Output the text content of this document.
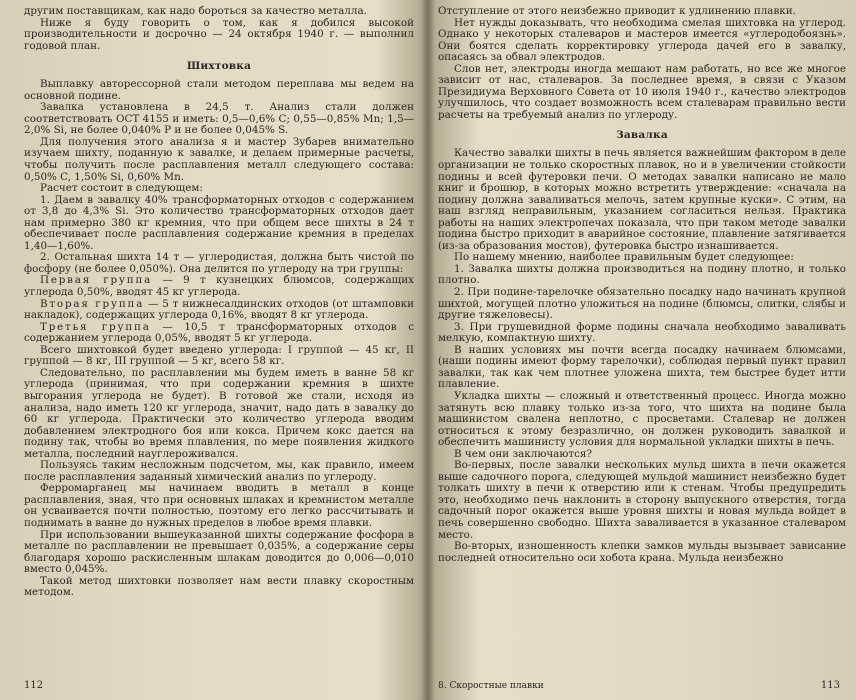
другим поставщикам, как надо бороться за качество металла.

Ниже я буду говорить о том, как я добился высокой производительности и досрочно — 24 октября 1940 г. — выполнил годовой план.

Шихтовка

Выплавку авторессорной стали методом переплава мы ведем на основной подине.

Завалка установлена в 24,5 т. Анализ стали должен соответствовать ОСТ 4155 и иметь: 0,5—0,6% C; 0,55—0,85% Mn; 1,5—2,0% Si, не более 0,040% P и не более 0,045% S.

Для получения этого анализа я и мастер Зубарев внимательно изучаем шихту, поданную к завалке, и делаем примерные расчеты, чтобы получить после расплавления металл следующего состава: 0,50% C, 1,50% Si, 0,60% Mn.

Расчет состоит в следующем:

1. Даем в завалку 40% трансформаторных отходов с содержанием от 3,8 до 4,3% Si. Это количество трансформаторных отходов дает нам примерно 380 кг кремния, что при общем весе шихты в 24 т обеспечивает после расплавления содержание кремния в пределах 1,40—1,60%.

2. Остальная шихта 14 т — углеродистая, должна быть чистой по фосфору (не более 0,050%). Она делится по углероду на три группы:

Первая группа — 9 т кузнецких блюмсов, содержащих углерода 0,50%, вводят 45 кг углерода.

Вторая группа — 5 т нижнесалдинских отходов (от штамповки накладок), содержащих углерода 0,16%, вводят 8 кг углерода.

Третья группа — 10,5 т трансформаторных отходов с содержанием углерода 0,05%, вводят 5 кг углерода.

Всего шихтовкой будет введено углерода: I группой — 45 кг, II группой — 8 кг, III группой — 5 кг, всего 58 кг.

Следовательно, по расплавлении мы будем иметь в ванне 58 кг углерода (принимая, что при содержании кремния в шихте выгорания углерода не будет). В готовой же стали, исходя из анализа, надо иметь 120 кг углерода, значит, надо дать в завалку до 60 кг углерода. Практически это количество углерода вводим добавлением электродного боя или кокса. Причем кокс дается на подину так, чтобы во время плавления, по мере появления жидкого металла, последний науглероживался.

Пользуясь таким несложным подсчетом, мы, как правило, имеем после расплавления заданный химический анализ по углероду.

Ферромарганец мы начинаем вводить в металл в конце расплавления, зная, что при основных шлаках и кремнистом металле он усваивается почти полностью, поэтому его легко рассчитывать и поднимать в ванне до нужных пределов в любое время плавки.

При использовании вышеуказанной шихты содержание фосфора в металле по расплавлении не превышает 0,035%, а содержание серы благодаря хорошо раскисленным шлакам доводится до 0,006—0,010 вместо 0,045%.

Такой метод шихтовки позволяет нам вести плавку скоростным методом.

112

Отступление от этого неизбежно приводит к удлинению плавки.

Нет нужды доказывать, что необходима смелая шихтовка на углерод. Однако у некоторых сталеваров и мастеров имеется «углеродобоязнь». Они боятся сделать корректировку углерода дачей его в завалку, опасаясь за обвал электродов.

Слов нет, электроды иногда мешают нам работать, но все же многое зависит от нас, сталеваров. За последнее время, в связи с Указом Президиума Верховного Совета от 10 июля 1940 г., качество электродов улучшилось, что создает возможность всем сталеварам правильно вести расчеты на требуемый анализ по углероду.

Завалка

Качество завалки шихты в печь является важнейшим фактором в деле организации не только скоростных плавок, но и в увеличении стойкости подины и всей футеровки печи. О методах завалки написано не мало книг и брошюр, в которых можно встретить утверждение: «сначала на подину должна заваливаться мелочь, затем крупные куски». С этим, на наш взгляд неправильным, указанием согласиться нельзя. Практика работы на наших электропечах показала, что при таком методе завалки подина быстро приходит в аварийное состояние, плавление затягивается (из-за образования мостов), футеровка быстро изнашивается.

По нашему мнению, наиболее правильным будет следующее:

1. Завалка шихты должна производиться на подину плотно, и только плотно.

2. При подине-тарелочке обязательно посадку надо начинать крупной шихтой, могущей плотно уложиться на подине (блюмсы, слитки, слябы и другие тяжеловесы).

3. При грушевидной форме подины сначала необходимо заваливать мелкую, компактную шихту.

В наших условиях мы почти всегда посадку начинаем блюмсами, (наши подины имеют форму тарелочки), соблюдая первый пункт правил завалки, так как чем плотнее уложена шихта, тем быстрее будет итти плавление.

Укладка шихты — сложный и ответственный процесс. Иногда можно затянуть всю плавку только из-за того, что шихта на подине была машинистом свалена неплотно, с просветами. Сталевар не должен относиться к этому безразлично, он должен руководить завалкой и обеспечить машинисту условия для нормальной укладки шихты в печь.

В чем они заключаются?

Во-первых, после завалки нескольких мульд шихта в печи окажется выше садочного порога, следующей мульдой машинист неизбежно будет толкать шихту в печи к отверстию или к стенам. Чтобы предупредить это, необходимо печь наклонить в сторону выпускного отверстия, тогда садочный порог окажется выше уровня шихты и новая мульда войдет в печь совершенно свободно. Шихта заваливается в указанное сталеваром место.

Во-вторых, изношенность клепки замков мульды вызывает зависание последней относительно оси хобота крана. Мульда неизбежно

8. Скоростные плавки	113
